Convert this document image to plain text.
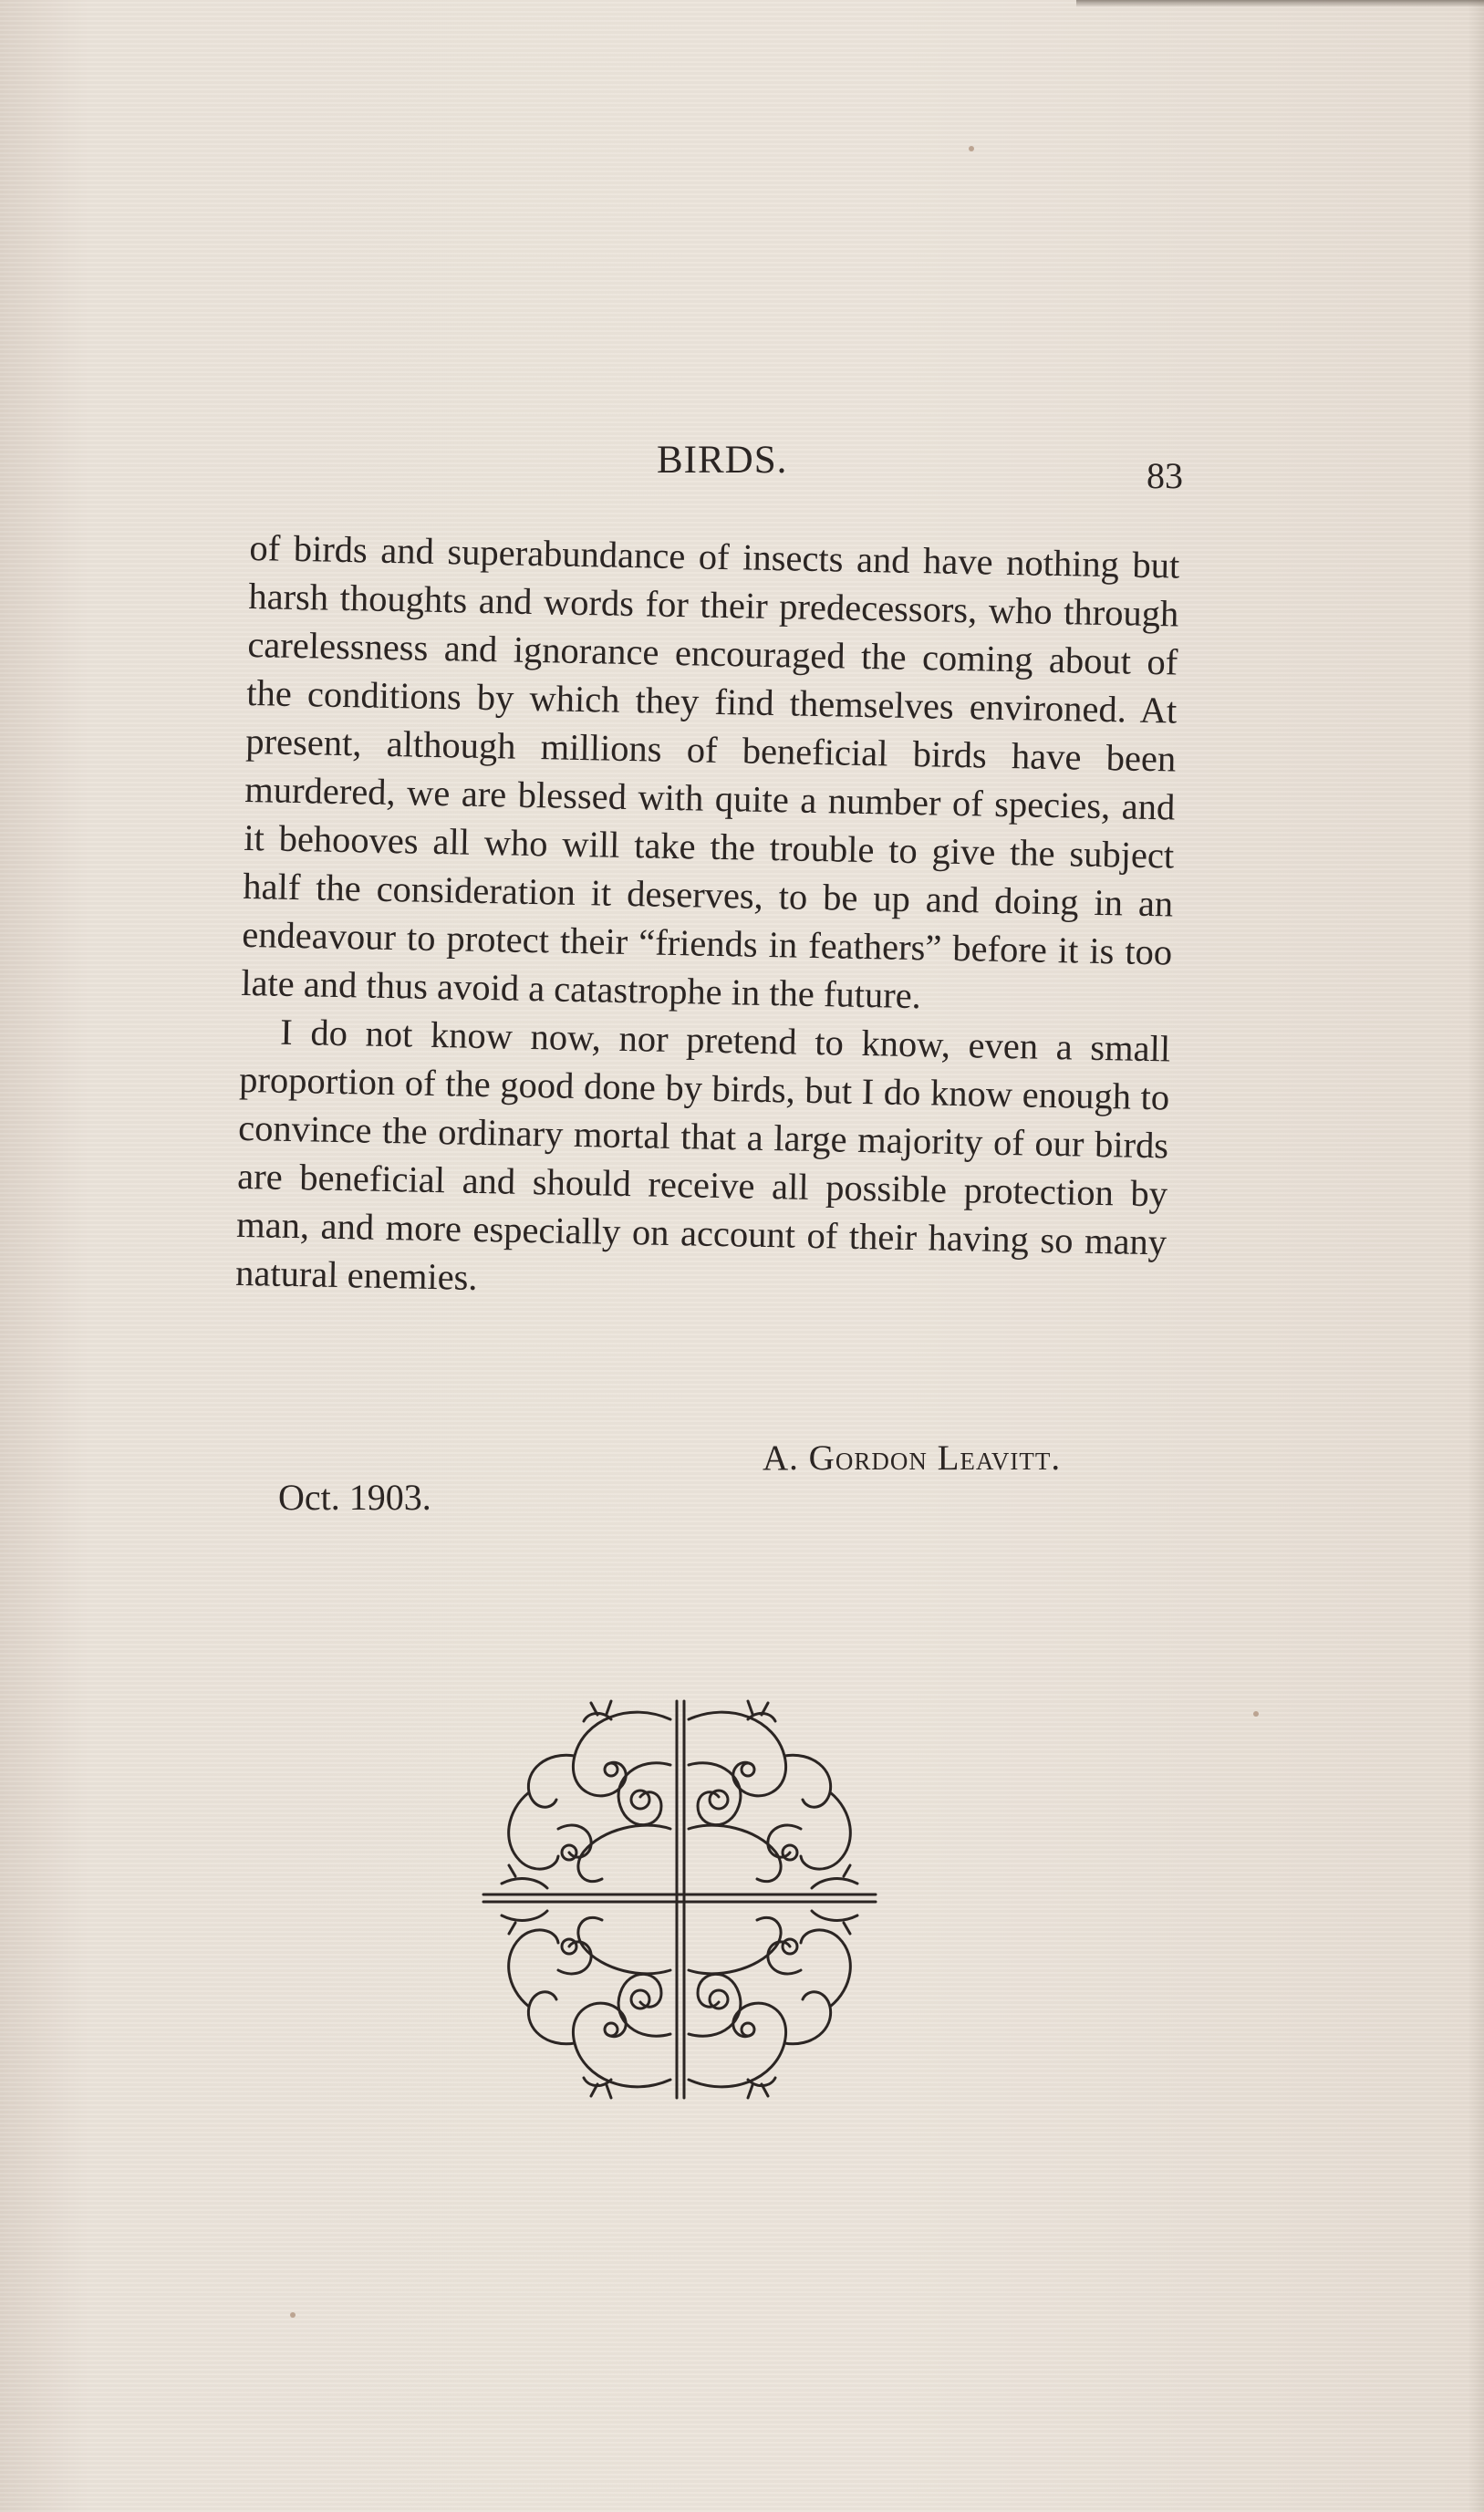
BIRDS.	83

of birds and superabundance of insects and have nothing but harsh thoughts and words for their predecessors, who through carelessness and ignorance encouraged the coming about of the conditions by which they find themselves environed. At present, although millions of beneficial birds have been murdered, we are blessed with quite a number of species, and it behooves all who will take the trouble to give the subject half the consideration it deserves, to be up and doing in an endeavour to protect their “friends in feathers” before it is too late and thus avoid a catastrophe in the future.

I do not know now, nor pretend to know, even a small proportion of the good done by birds, but I do know enough to convince the ordinary mortal that a large majority of our birds are beneficial and should receive all possible protection by man, and more especially on account of their having so many natural enemies.

A. Gordon Leavitt.
Oct. 1903.
